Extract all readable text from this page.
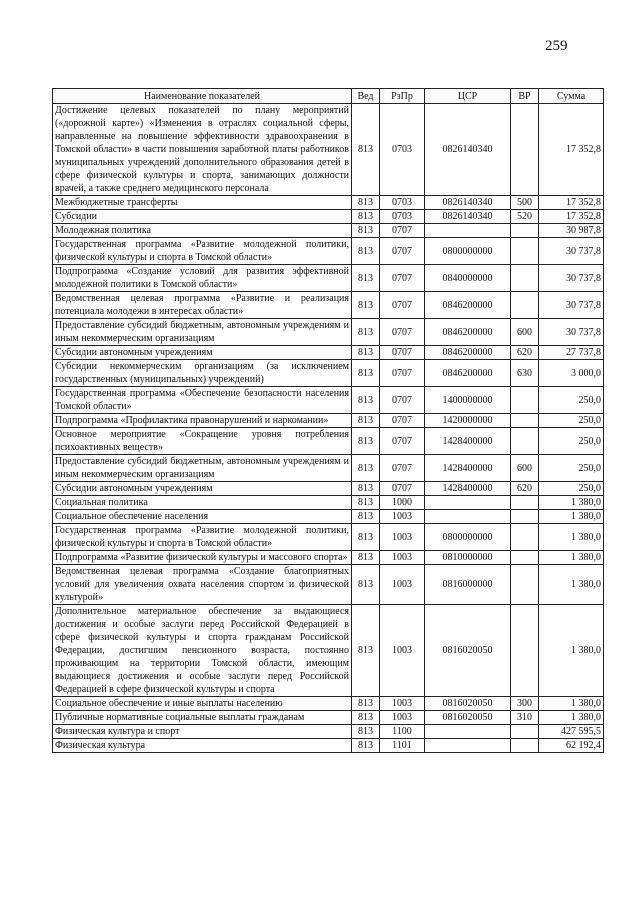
259
Наименование показателей	Вед	РзПр	ЦСР	ВР	Сумма
Достижение целевых показателей по плану мероприятий («дорожной карте») «Изменения в отраслях социальной сферы, направленные на повышение эффективности здравоохранения в Томской области» в части повышения заработной платы работников муниципальных учреждений дополнительного образования детей в сфере физической культуры и спорта, занимающих должности врачей, а также среднего медицинского персонала	813	0703	0826140340		17 352,8
Межбюджетные трансферты	813	0703	0826140340	500	17 352,8
Субсидии	813	0703	0826140340	520	17 352,8
Молодежная политика	813	0707			30 987,8
Государственная программа «Развитие молодежной политики, физической культуры и спорта в Томской области»	813	0707	0800000000		30 737,8
Подпрограмма «Создание условий для развития эффективной молодежной политики в Томской области»	813	0707	0840000000		30 737,8
Ведомственная целевая программа «Развитие и реализация потенциала молодежи в интересах области»	813	0707	0846200000		30 737,8
Предоставление субсидий бюджетным, автономным учреждениям и иным некоммерческим организациям	813	0707	0846200000	600	30 737,8
Субсидии автономным учреждениям	813	0707	0846200000	620	27 737,8
Субсидии некоммерческим организациям (за исключением государственных (муниципальных) учреждений)	813	0707	0846200000	630	3 000,0
Государственная программа «Обеспечение безопасности населения Томской области»	813	0707	1400000000		250,0
Подпрограмма «Профилактика правонарушений и наркомании»	813	0707	1420000000		250,0
Основное мероприятие «Сокращение уровня потребления психоактивных веществ»	813	0707	1428400000		250,0
Предоставление субсидий бюджетным, автономным учреждениям и иным некоммерческим организациям	813	0707	1428400000	600	250,0
Субсидии автономным учреждениям	813	0707	1428400000	620	250,0
Социальная политика	813	1000			1 380,0
Социальное обеспечение населения	813	1003			1 380,0
Государственная программа «Развитие молодежной политики, физической культуры и спорта в Томской области»	813	1003	0800000000		1 380,0
Подпрограмма «Развитие физической культуры и массового спорта»	813	1003	0810000000		1 380,0
Ведомственная целевая программа «Создание благоприятных условий для увеличения охвата населения спортом и физической культурой»	813	1003	0816000000		1 380,0
Дополнительное материальное обеспечение за выдающиеся достижения и особые заслуги перед Российской Федерацией в сфере физической культуры и спорта гражданам Российской Федерации, достигшим пенсионного возраста, постоянно проживающим на территории Томской области, имеющим выдающиеся достижения и особые заслуги перед Российской Федерацией в сфере физической культуры и спорта	813	1003	0816020050		1 380,0
Социальное обеспечение и иные выплаты населению	813	1003	0816020050	300	1 380,0
Публичные нормативные социальные выплаты гражданам	813	1003	0816020050	310	1 380,0
Физическая культура и спорт	813	1100			427 595,5
Физическая культура	813	1101			62 192,4
